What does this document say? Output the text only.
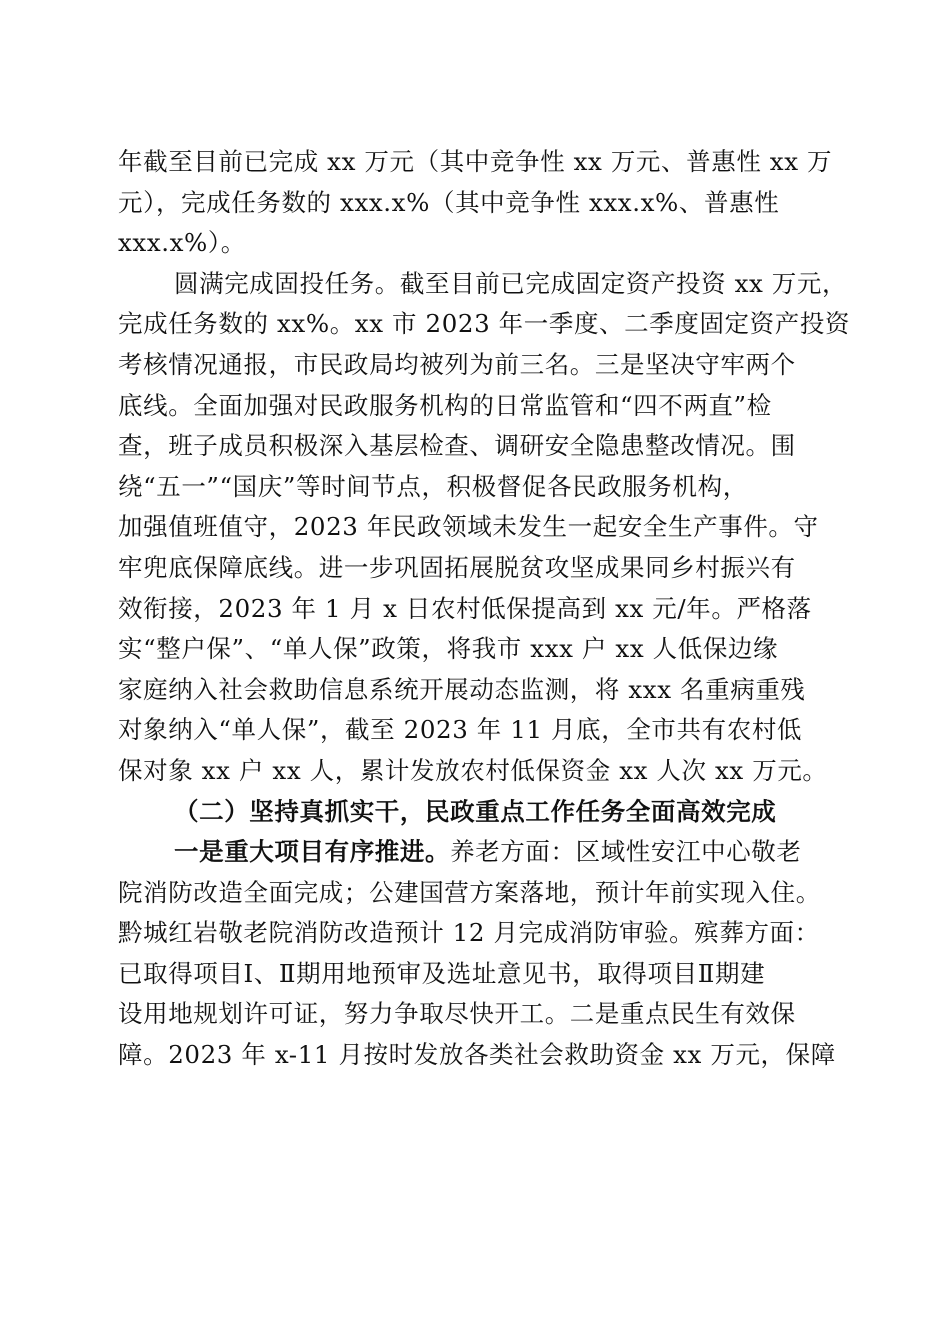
年截至目前已完成 xx 万元（其中竞争性 xx 万元、普惠性 xx 万
元），完成任务数的 xxx.x%（其中竞争性 xxx.x%、普惠性
xxx.x%）。
圆满完成固投任务。截至目前已完成固定资产投资 xx 万元，
完成任务数的 xx%。xx 市 2023 年一季度、二季度固定资产投资
考核情况通报，市民政局均被列为前三名。三是坚决守牢两个
底线。全面加强对民政服务机构的日常监管和“四不两直”检
查，班子成员积极深入基层检查、调研安全隐患整改情况。围
绕“五一”“国庆”等时间节点，积极督促各民政服务机构，
加强值班值守，2023 年民政领域未发生一起安全生产事件。守
牢兜底保障底线。进一步巩固拓展脱贫攻坚成果同乡村振兴有
效衔接，2023 年 1 月 x 日农村低保提高到 xx 元/年。严格落
实“整户保”、“单人保”政策，将我市 xxx 户 xx 人低保边缘
家庭纳入社会救助信息系统开展动态监测，将 xxx 名重病重残
对象纳入“单人保”，截至 2023 年 11 月底，全市共有农村低
保对象 xx 户 xx 人，累计发放农村低保资金 xx 人次 xx 万元。
（二）坚持真抓实干，民政重点工作任务全面高效完成
一是重大项目有序推进。养老方面：区域性安江中心敬老
院消防改造全面完成；公建国营方案落地，预计年前实现入住。
黔城红岩敬老院消防改造预计 12 月完成消防审验。殡葬方面：
已取得项目Ⅰ、Ⅱ期用地预审及选址意见书，取得项目Ⅱ期建
设用地规划许可证，努力争取尽快开工。二是重点民生有效保
障。2023 年 x-11 月按时发放各类社会救助资金 xx 万元，保障
